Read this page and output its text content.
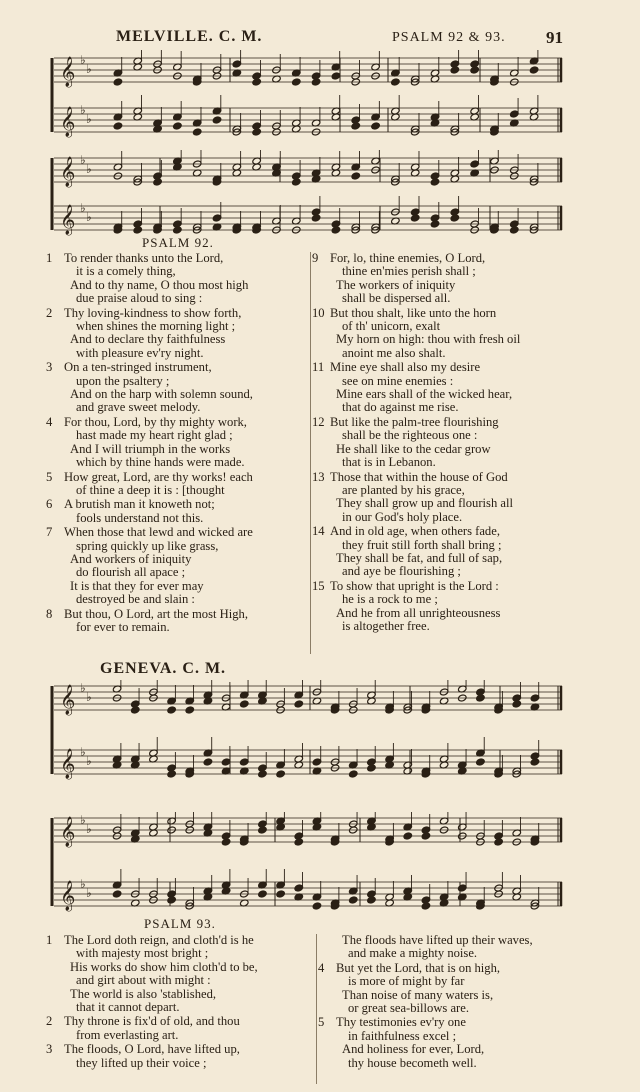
MELVILLE. C. M.	PSALM 92 & 93. 91
𝄞 ♭
♭
𝄞 ♭
♭
𝄞 ♭
♭
𝄞 ♭
♭
PSALM 92.
1 To render thanks unto the Lord,
it is a comely thing,
And to thy name, O thou most high
due praise aloud to sing :
2 Thy loving-kindness to show forth,
when shines the morning light ;
And to declare thy faithfulness
with pleasure ev'ry night.
3 On a ten-stringed instrument,
upon the psaltery ;
And on the harp with solemn sound,
and grave sweet melody.
4 For thou, Lord, by thy mighty work,
hast made my heart right glad ;
And I will triumph in the works
which by thine hands were made.
5 How great, Lord, are thy works! each
of thine a deep it is : [thought
6 A brutish man it knoweth not;
fools understand not this.
7 When those that lewd and wicked are
spring quickly up like grass,
And workers of iniquity
do flourish all apace ;
It is that they for ever may
destroyed be and slain :
8 But thou, O Lord, art the most High,
for ever to remain.
9 For, lo, thine enemies, O Lord,
thine en'mies perish shall ;
The workers of iniquity
shall be dispersed all.
10 But thou shalt, like unto the horn
of th' unicorn, exalt
My horn on high: thou with fresh oil
anoint me also shalt.
11 Mine eye shall also my desire
see on mine enemies :
Mine ears shall of the wicked hear,
that do against me rise.
12 But like the palm-tree flourishing
shall be the righteous one :
He shall like to the cedar grow
that is in Lebanon.
13 Those that within the house of God
are planted by his grace,
They shall grow up and flourish all
in our God's holy place.
14 And in old age, when others fade,
they fruit still forth shall bring ;
They shall be fat, and full of sap,
and aye be flourishing ;
15 To show that upright is the Lord :
he is a rock to me ;
And he from all unrighteousness
is altogether free.
GENEVA. C. M.
𝄞 ♭
♭
𝄞 ♭
♭
𝄞 ♭
♭
𝄞 ♭
♭
PSALM 93.
1 The Lord doth reign, and cloth'd is he
with majesty most bright ;
His works do show him cloth'd to be,
and girt about with might :
The world is also 'stablished,
that it cannot depart.
2 Thy throne is fix'd of old, and thou
from everlasting art.
3 The floods, O Lord, have lifted up,
they lifted up their voice ;
The floods have lifted up their waves,
and make a mighty noise.
4 But yet the Lord, that is on high,
is more of might by far
Than noise of many waters is,
or great sea-billows are.
5 Thy testimonies ev'ry one
in faithfulness excel ;
And holiness for ever, Lord,
thy house becometh well.
